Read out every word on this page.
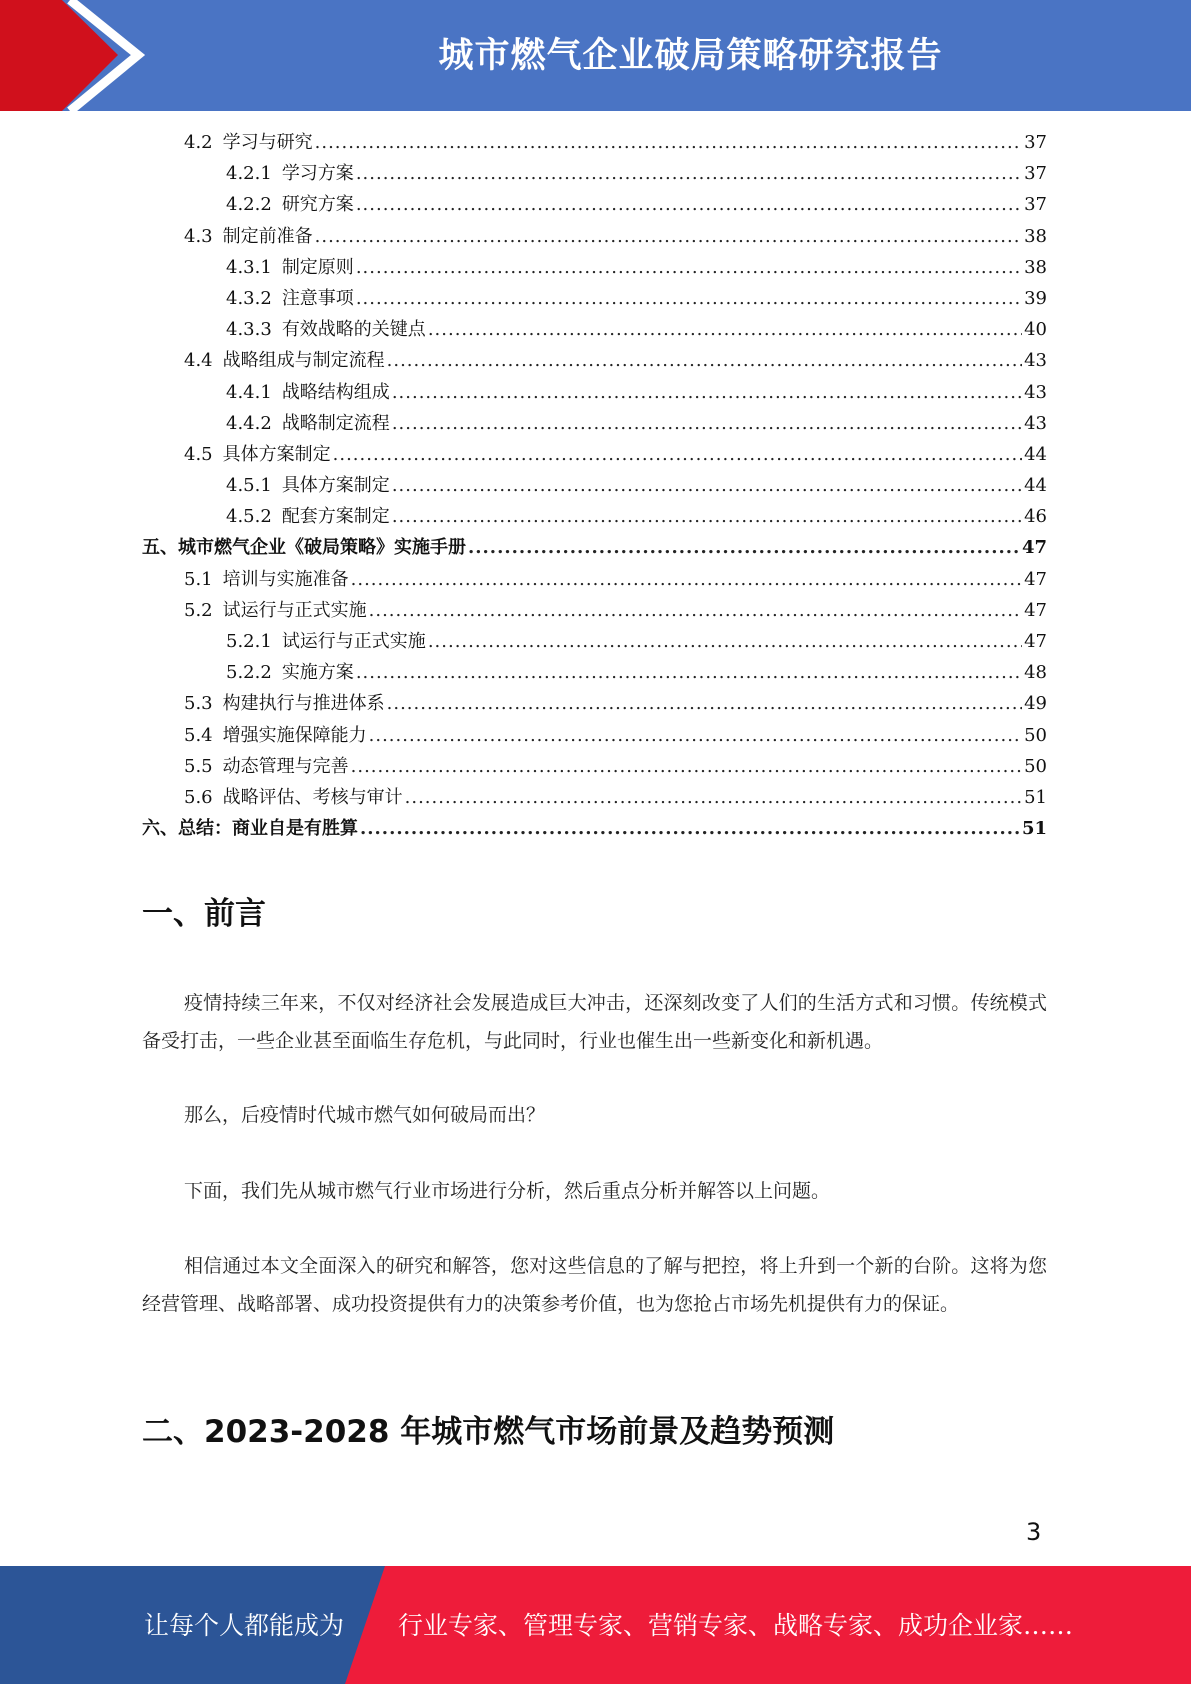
城市燃气企业破局策略研究报告
4.2 学习与研究 .....	37
4.2.1 学习方案 .....	37
4.2.2 研究方案 .....	37
4.3 制定前准备 .....	38
4.3.1 制定原则 .....	38
4.3.2 注意事项 .....	39
4.3.3 有效战略的关键点 .....	40
4.4 战略组成与制定流程 .....	43
4.4.1 战略结构组成 .....	43
4.4.2 战略制定流程 .....	43
4.5 具体方案制定 .....	44
4.5.1 具体方案制定 .....	44
4.5.2 配套方案制定 .....	46
五、城市燃气企业《破局策略》实施手册 .....	47
5.1 培训与实施准备 .....	47
5.2 试运行与正式实施 .....	47
5.2.1 试运行与正式实施 .....	47
5.2.2 实施方案 .....	48
5.3 构建执行与推进体系 .....	49
5.4 增强实施保障能力 .....	50
5.5 动态管理与完善 .....	50
5.6 战略评估、考核与审计 .....	51
六、总结：商业自是有胜算 .....	51
一、前言
疫情持续三年来，不仅对经济社会发展造成巨大冲击，还深刻改变了人们的生活方式和习惯。传统模式备受打击，一些企业甚至面临生存危机，与此同时，行业也催生出一些新变化和新机遇。
那么，后疫情时代城市燃气如何破局而出？
下面，我们先从城市燃气行业市场进行分析，然后重点分析并解答以上问题。
相信通过本文全面深入的研究和解答，您对这些信息的了解与把控，将上升到一个新的台阶。这将为您经营管理、战略部署、成功投资提供有力的决策参考价值，也为您抢占市场先机提供有力的保证。
二、2023-2028 年城市燃气市场前景及趋势预测
3
让每个人都能成为 行业专家、管理专家、营销专家、战略专家、成功企业家……
